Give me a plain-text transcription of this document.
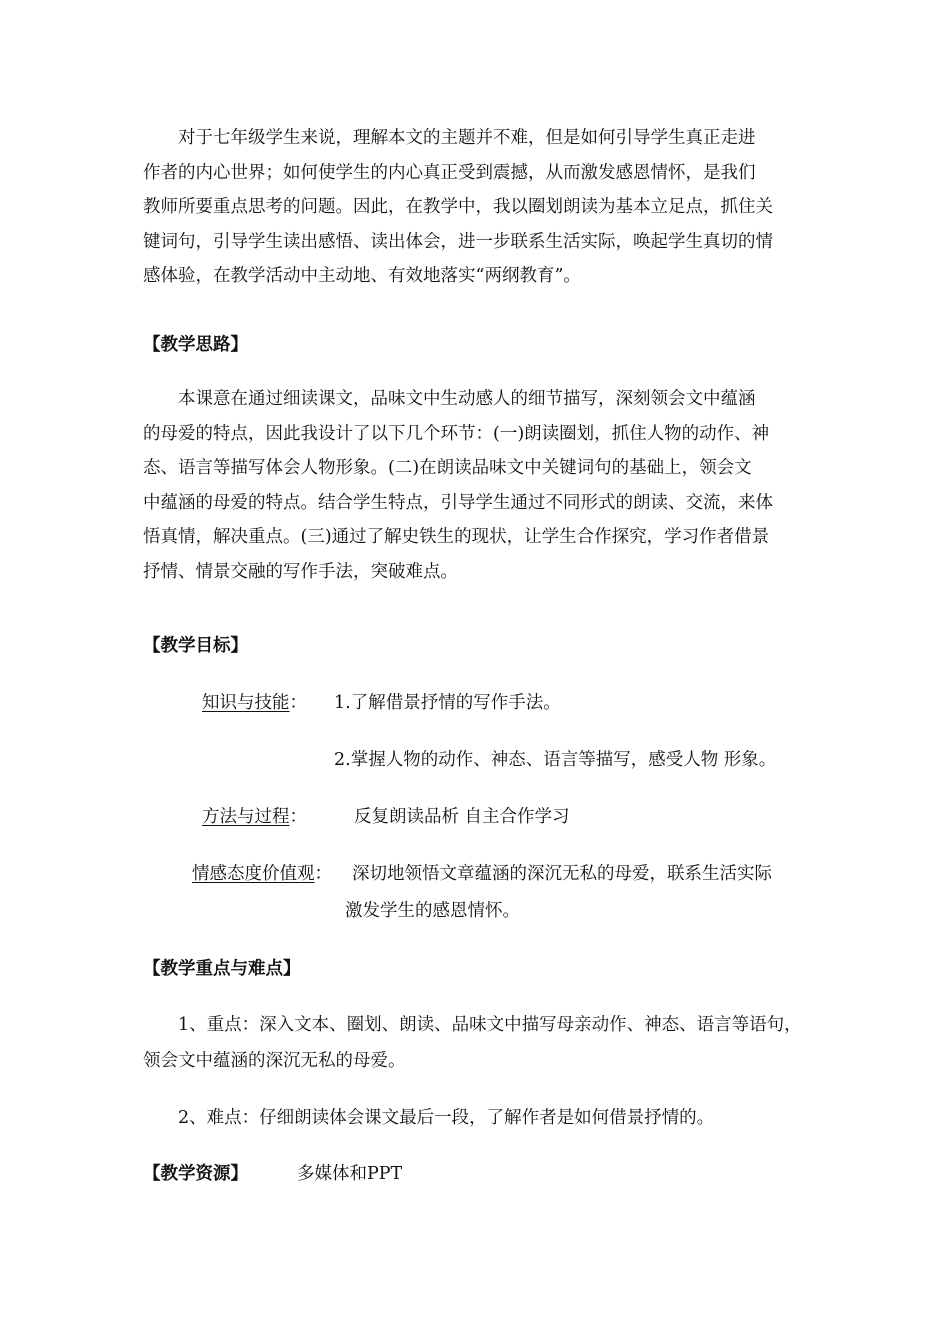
对于七年级学生来说，理解本文的主题并不难，但是如何引导学生真正走进
作者的内心世界；如何使学生的内心真正受到震撼，从而激发感恩情怀，是我们
教师所要重点思考的问题。因此，在教学中，我以圈划朗读为基本立足点，抓住关
键词句，引导学生读出感悟、读出体会，进一步联系生活实际，唤起学生真切的情
感体验，在教学活动中主动地、有效地落实“两纲教育”。

【教学思路】

本课意在通过细读课文，品味文中生动感人的细节描写，深刻领会文中蕴涵
的母爱的特点，因此我设计了以下几个环节：(一)朗读圈划，抓住人物的动作、神
态、语言等描写体会人物形象。(二)在朗读品味文中关键词句的基础上，领会文
中蕴涵的母爱的特点。结合学生特点，引导学生通过不同形式的朗读、交流，来体
悟真情，解决重点。(三)通过了解史铁生的现状，让学生合作探究，学习作者借景
抒情、情景交融的写作手法，突破难点。

【教学目标】

知识与技能： 1.了解借景抒情的写作手法。

2.掌握人物的动作、神态、语言等描写，感受人物 形象。

方法与过程：	反复朗读品析 自主合作学习

情感态度价值观： 深切地领悟文章蕴涵的深沉无私的母爱，联系生活实际

激发学生的感恩情怀。

【教学重点与难点】

1、重点：深入文本、圈划、朗读、品味文中描写母亲动作、神态、语言等语句，

领会文中蕴涵的深沉无私的母爱。

2、难点：仔细朗读体会课文最后一段，了解作者是如何借景抒情的。

【教学资源】	多媒体和PPT
